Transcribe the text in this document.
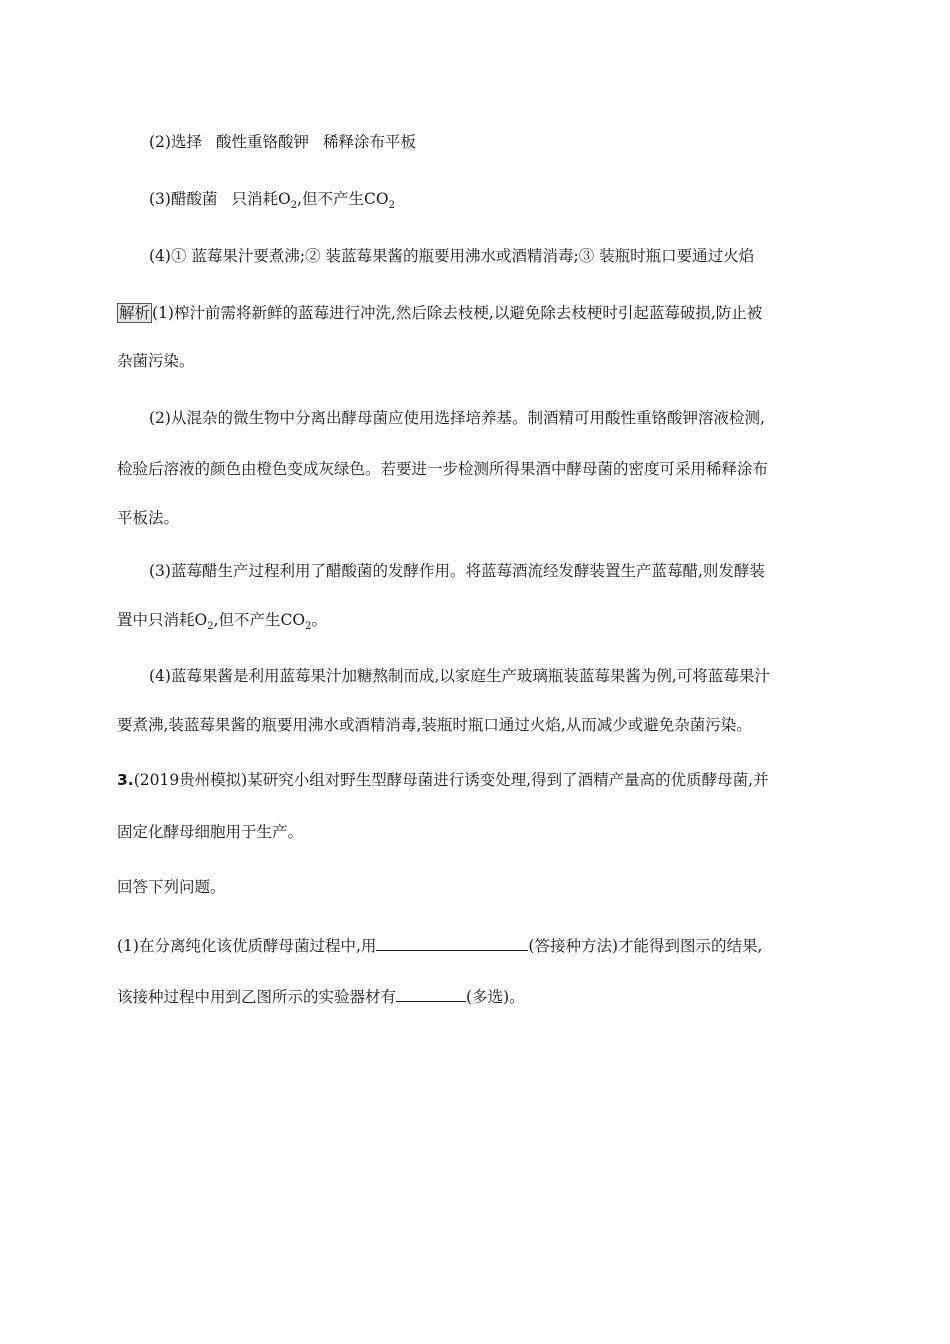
(2)选择 酸性重铬酸钾 稀释涂布平板
(3)醋酸菌 只消耗$O_2$,但不产生$CO_2$
(4)① 蓝莓果汁要煮沸;② 装蓝莓果酱的瓶要用沸水或酒精消毒;③ 装瓶时瓶口要通过火焰
解析 (1)榨汁前需将新鲜的蓝莓进行冲洗,然后除去枝梗,以避免除去枝梗时引起蓝莓破损,防止被
杂菌污染。
(2)从混杂的微生物中分离出酵母菌应使用选择培养基。制酒精可用酸性重铬酸钾溶液检测,
检验后溶液的颜色由橙色变成灰绿色。若要进一步检测所得果酒中酵母菌的密度可采用稀释涂布
平板法。
(3)蓝莓醋生产过程利用了醋酸菌的发酵作用。将蓝莓酒流经发酵装置生产蓝莓醋,则发酵装
置中只消耗$O_2$,但不产生$CO_2$。
(4)蓝莓果酱是利用蓝莓果汁加糖熬制而成,以家庭生产玻璃瓶装蓝莓果酱为例,可将蓝莓果汁
要煮沸,装蓝莓果酱的瓶要用沸水或酒精消毒,装瓶时瓶口通过火焰,从而减少或避免杂菌污染。
3.(2019贵州模拟)某研究小组对野生型酵母菌进行诱变处理,得到了酒精产量高的优质酵母菌,并
固定化酵母细胞用于生产。
回答下列问题。
(1)在分离纯化该优质酵母菌过程中,用	(答接种方法)才能得到图示的结果,
该接种过程中用到乙图所示的实验器材有	(多选)。
